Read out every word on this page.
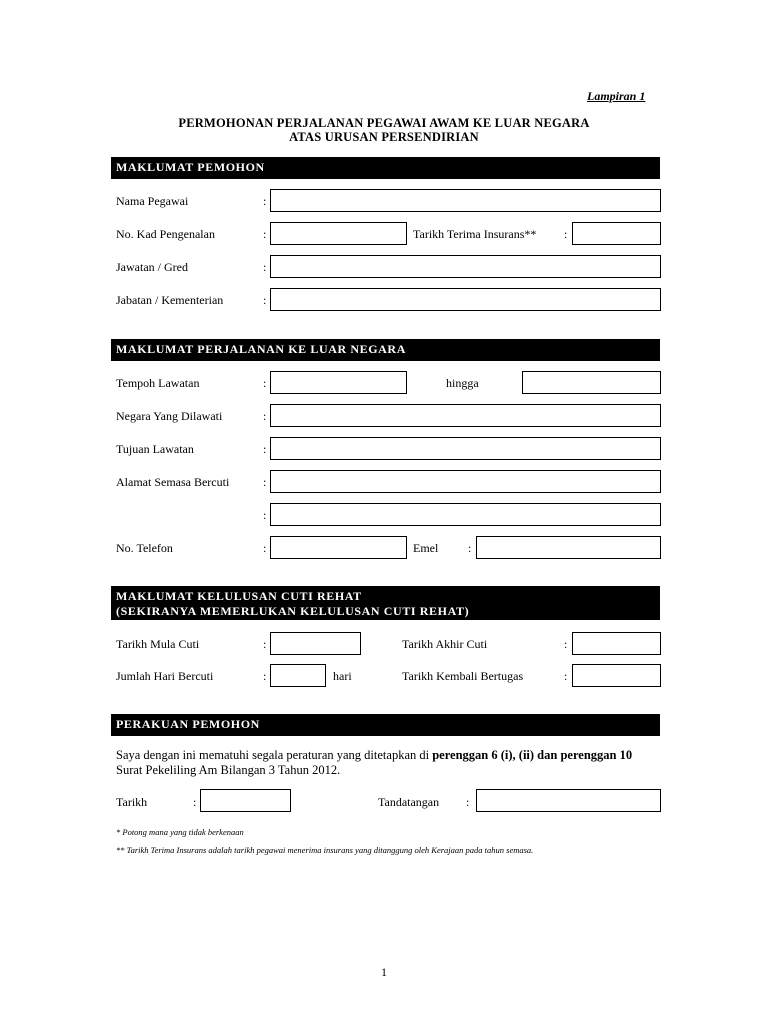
Lampiran 1
PERMOHONAN PERJALANAN PEGAWAI AWAM KE LUAR NEGARA
ATAS URUSAN PERSENDIRIAN
MAKLUMAT PEMOHON
Nama Pegawai	:
No. Kad Pengenalan	:	Tarikh Terima Insurans** :
Jawatan / Gred	:
Jabatan / Kementerian	:
MAKLUMAT PERJALANAN KE LUAR NEGARA
Tempoh Lawatan	:	hingga
Negara Yang Dilawati	:
Tujuan Lawatan	:
Alamat Semasa Bercuti	:
:
No. Telefon	:	Emel :
MAKLUMAT KELULUSAN CUTI REHAT
(SEKIRANYA MEMERLUKAN KELULUSAN CUTI REHAT)
Tarikh Mula Cuti	:	Tarikh Akhir Cuti	:
Jumlah Hari Bercuti	:	hari	Tarikh Kembali Bertugas	:
PERAKUAN PEMOHON
Saya dengan ini mematuhi segala peraturan yang ditetapkan di perenggan 6 (i), (ii) dan perenggan 10
Surat Pekeliling Am Bilangan 3 Tahun 2012.
Tarikh	:	Tandatangan :
* Potong mana yang tidak berkenaan
** Tarikh Terima Insurans adalah tarikh pegawai menerima insurans yang ditanggung oleh Kerajaan pada tahun semasa.
1
